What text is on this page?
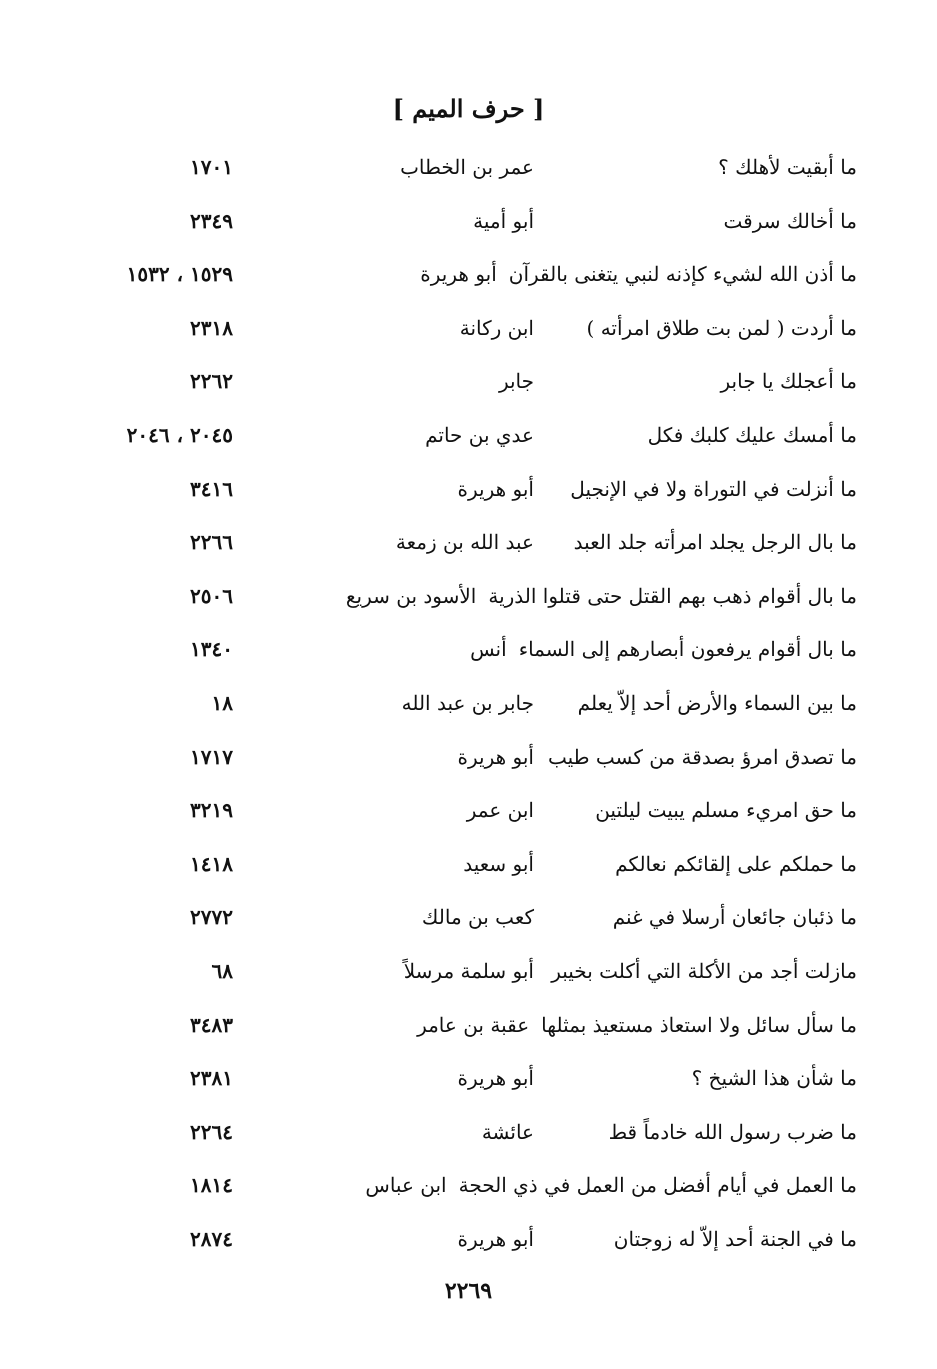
[ حرف الميم ]
ما أبقيت لأهلك ؟
عمر بن الخطاب
١٧٠١
ما أخالك سرقت
أبو أمية
٢٣٤٩
ما أذن الله لشيء كإذنه لنبي يتغنى بالقرآن
أبو هريرة
١٥٢٩ ، ١٥٣٢
ما أردت ( لمن بت طلاق امرأته )
ابن ركانة
٢٣١٨
ما أعجلك يا جابر
جابر
٢٢٦٢
ما أمسك عليك كلبك فكل
عدي بن حاتم
٢٠٤٥ ، ٢٠٤٦
ما أنزلت في التوراة ولا في الإنجيل
أبو هريرة
٣٤١٦
ما بال الرجل يجلد امرأته جلد العبد
عبد الله بن زمعة
٢٢٦٦
ما بال أقوام ذهب بهم القتل حتى قتلوا الذرية
الأسود بن سريع
٢٥٠٦
ما بال أقوام يرفعون أبصارهم إلى السماء
أنس
١٣٤٠
ما بين السماء والأرض أحد إلاّ يعلم
جابر بن عبد الله
١٨
ما تصدق امرؤ بصدقة من كسب طيب
أبو هريرة
١٧١٧
ما حق امريء مسلم يبيت ليلتين
ابن عمر
٣٢١٩
ما حملكم على إلقائكم نعالكم
أبو سعيد
١٤١٨
ما ذئبان جائعان أرسلا في غنم
كعب بن مالك
٢٧٧٢
مازلت أجد من الأكلة التي أكلت بخيبر
أبو سلمة مرسلاً
٦٨
ما سأل سائل ولا استعاذ مستعيذ بمثلها
عقبة بن عامر
٣٤٨٣
ما شأن هذا الشيخ ؟
أبو هريرة
٢٣٨١
ما ضرب رسول الله خادماً قط
عائشة
٢٢٦٤
ما العمل في أيام أفضل من العمل في ذي الحجة
ابن عباس
١٨١٤
ما في الجنة أحد إلاّ له زوجتان
أبو هريرة
٢٨٧٤
٢٢٦٩
